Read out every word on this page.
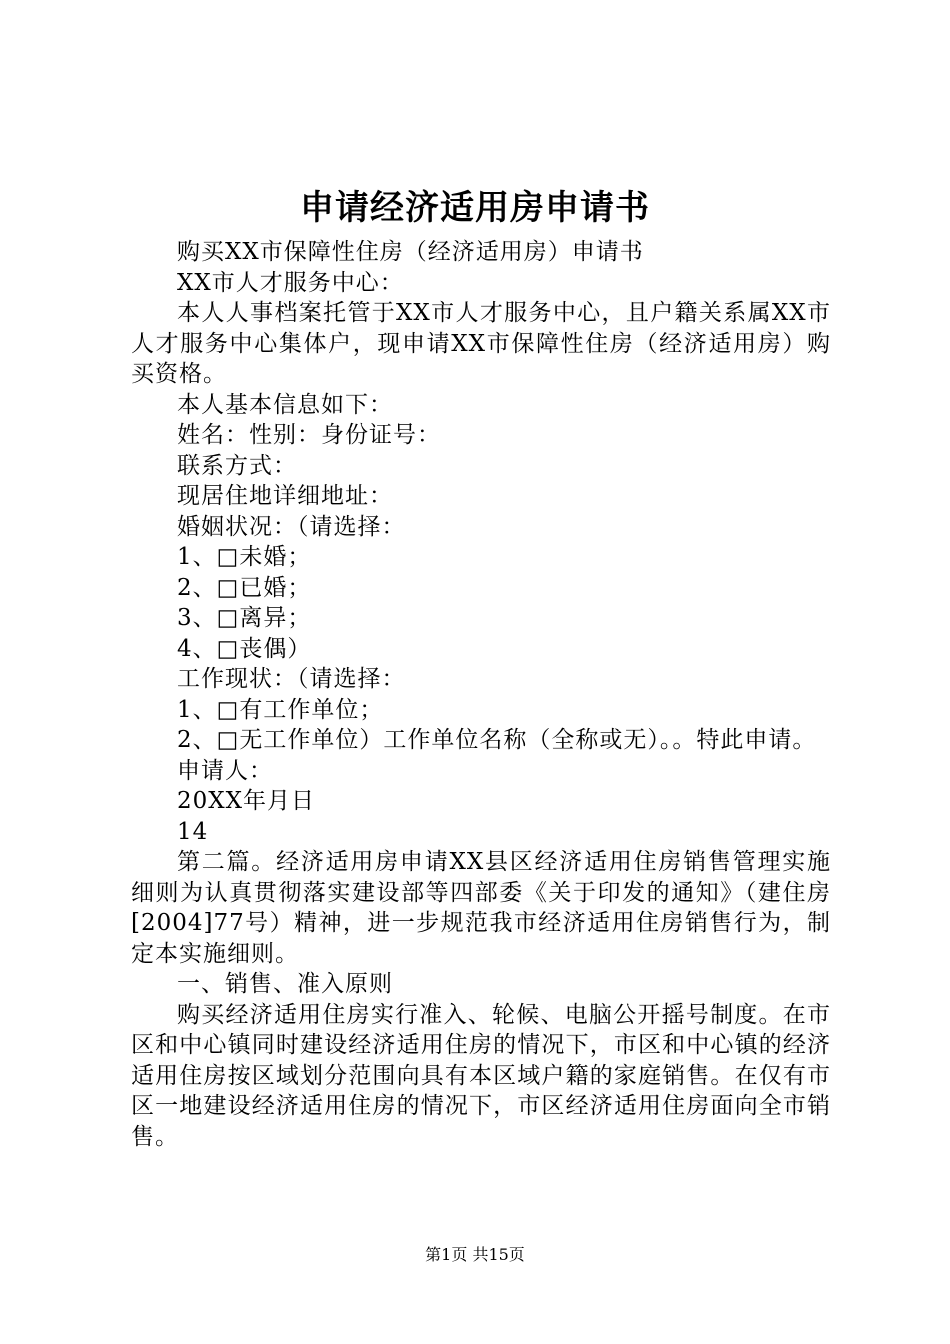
申请经济适用房申请书

购买XX市保障性住房（经济适用房）申请书

XX市人才服务中心：

本人人事档案托管于XX市人才服务中心，且户籍关系属XX市人才服务中心集体户，现申请XX市保障性住房（经济适用房）购买资格。

本人基本信息如下：

姓名：性别：身份证号：

联系方式：

现居住地详细地址：

婚姻状况：（请选择：

1、□未婚；

2、□已婚；

3、□离异；

4、□丧偶）

工作现状：（请选择：

1、□有工作单位；

2、□无工作单位）工作单位名称（全称或无）。。特此申请。

申请人：

20XX年月日

14

第二篇。经济适用房申请XX县区经济适用住房销售管理实施细则为认真贯彻落实建设部等四部委《关于印发的通知》（建住房[2004]77号）精神，进一步规范我市经济适用住房销售行为，制定本实施细则。

一、销售、准入原则

购买经济适用住房实行准入、轮候、电脑公开摇号制度。在市区和中心镇同时建设经济适用住房的情况下，市区和中心镇的经济适用住房按区域划分范围向具有本区域户籍的家庭销售。在仅有市区一地建设经济适用住房的情况下，市区经济适用住房面向全市销售。

第1页 共15页
